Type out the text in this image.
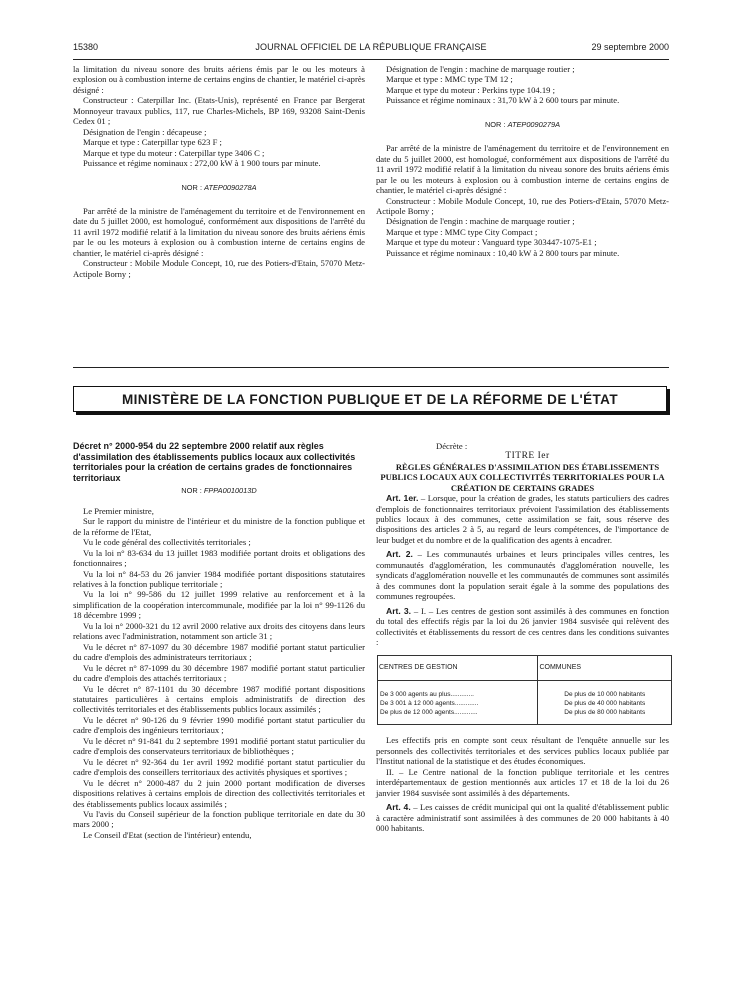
15380	JOURNAL OFFICIEL DE LA RÉPUBLIQUE FRANÇAISE	29 septembre 2000

la limitation du niveau sonore des bruits aériens émis par le ou les moteurs à explosion ou à combustion interne de certains engins de chantier, le matériel ci-après désigné :

Constructeur : Caterpillar Inc. (Etats-Unis), représenté en France par Bergerat Monnoyeur travaux publics, 117, rue Charles-Michels, BP 169, 93208 Saint-Denis Cedex 01 ;

Désignation de l'engin : décapeuse ;

Marque et type : Caterpillar type 623 F ;

Marque et type du moteur : Caterpillar type 3406 C ;

Puissance et régime nominaux : 272,00 kW à 1 900 tours par minute.

NOR : ATEP0090278A

Par arrêté de la ministre de l'aménagement du territoire et de l'environnement en date du 5 juillet 2000, est homologué, conformément aux dispositions de l'arrêté du 11 avril 1972 modifié relatif à la limitation du niveau sonore des bruits aériens émis par le ou les moteurs à explosion ou à combustion interne de certains engins de chantier, le matériel ci-après désigné :

Constructeur : Mobile Module Concept, 10, rue des Potiers-d'Etain, 57070 Metz-Actipole Borny ;

Désignation de l'engin : machine de marquage routier ;

Marque et type : MMC type TM 12 ;

Marque et type du moteur : Perkins type 104.19 ;

Puissance et régime nominaux : 31,70 kW à 2 600 tours par minute.

NOR : ATEP0090279A

Par arrêté de la ministre de l'aménagement du territoire et de l'environnement en date du 5 juillet 2000, est homologué, conformément aux dispositions de l'arrêté du 11 avril 1972 modifié relatif à la limitation du niveau sonore des bruits aériens émis par le ou les moteurs à explosion ou à combustion interne de certains engins de chantier, le matériel ci-après désigné :

Constructeur : Mobile Module Concept, 10, rue des Potiers-d'Etain, 57070 Metz-Actipole Borny ;

Désignation de l'engin : machine de marquage routier ;

Marque et type : MMC type City Compact ;

Marque et type du moteur : Vanguard type 303447-1075-E1 ;

Puissance et régime nominaux : 10,40 kW à 2 800 tours par minute.

MINISTÈRE DE LA FONCTION PUBLIQUE ET DE LA RÉFORME DE L'ÉTAT

Décret n° 2000-954 du 22 septembre 2000 relatif aux règles d'assimilation des établissements publics locaux aux collectivités territoriales pour la création de certains grades de fonctionnaires territoriaux

NOR : FPPA0010013D

Le Premier ministre,

Sur le rapport du ministre de l'intérieur et du ministre de la fonction publique et de la réforme de l'Etat,

Vu le code général des collectivités territoriales ;

Vu la loi n° 83-634 du 13 juillet 1983 modifiée portant droits et obligations des fonctionnaires ;

Vu la loi n° 84-53 du 26 janvier 1984 modifiée portant dispositions statutaires relatives à la fonction publique territoriale ;

Vu la loi n° 99-586 du 12 juillet 1999 relative au renforcement et à la simplification de la coopération intercommunale, modifiée par la loi n° 99-1126 du 18 décembre 1999 ;

Vu la loi n° 2000-321 du 12 avril 2000 relative aux droits des citoyens dans leurs relations avec l'administration, notamment son article 31 ;

Vu le décret n° 87-1097 du 30 décembre 1987 modifié portant statut particulier du cadre d'emplois des administrateurs territoriaux ;

Vu le décret n° 87-1099 du 30 décembre 1987 modifié portant statut particulier du cadre d'emplois des attachés territoriaux ;

Vu le décret n° 87-1101 du 30 décembre 1987 modifié portant dispositions statutaires particulières à certains emplois administratifs de direction des collectivités territoriales et des établissements publics locaux assimilés ;

Vu le décret n° 90-126 du 9 février 1990 modifié portant statut particulier du cadre d'emplois des ingénieurs territoriaux ;

Vu le décret n° 91-841 du 2 septembre 1991 modifié portant statut particulier du cadre d'emplois des conservateurs territoriaux de bibliothèques ;

Vu le décret n° 92-364 du 1er avril 1992 modifié portant statut particulier du cadre d'emplois des conseillers territoriaux des activités physiques et sportives ;

Vu le décret n° 2000-487 du 2 juin 2000 portant modification de diverses dispositions relatives à certains emplois de direction des collectivités territoriales et des établissements publics locaux assimilés ;

Vu l'avis du Conseil supérieur de la fonction publique territoriale en date du 30 mars 2000 ;

Le Conseil d'Etat (section de l'intérieur) entendu,

Décrète :

TITRE Ier

RÈGLES GÉNÉRALES D'ASSIMILATION DES ÉTABLISSEMENTS PUBLICS LOCAUX AUX COLLECTIVITÉS TERRITORIALES POUR LA CRÉATION DE CERTAINS GRADES

Art. 1er. – Lorsque, pour la création de grades, les statuts particuliers des cadres d'emplois de fonctionnaires territoriaux prévoient l'assimilation des établissements publics locaux à des communes, cette assimilation se fait, sous réserve des dispositions des articles 2 à 5, au regard de leurs compétences, de l'importance de leur budget et du nombre et de la qualification des agents à encadrer.

Art. 2. – Les communautés urbaines et leurs principales villes centres, les communautés d'agglomération, les communautés d'agglomération nouvelle, les syndicats d'agglomération nouvelle et les communautés de communes sont assimilés à des communes dont la population serait égale à la somme des populations des communes regroupées.

Art. 3. – I. – Les centres de gestion sont assimilés à des communes en fonction du total des effectifs régis par la loi du 26 janvier 1984 susvisée qui relèvent des collectivités et établissements du ressort de ces centres dans les conditions suivantes :

CENTRES DE GESTION	COMMUNES
De 3 000 agents au plus.............	De plus de 10 000 habitants
De 3 001 à 12 000 agents.............	De plus de 40 000 habitants
De plus de 12 000 agents.............	De plus de 80 000 habitants

Les effectifs pris en compte sont ceux résultant de l'enquête annuelle sur les personnels des collectivités territoriales et des services publics locaux publiée par l'Institut national de la statistique et des études économiques.

II. – Le Centre national de la fonction publique territoriale et les centres interdépartementaux de gestion mentionnés aux articles 17 et 18 de la loi du 26 janvier 1984 susvisée sont assimilés à des départements.

Art. 4. – Les caisses de crédit municipal qui ont la qualité d'établissement public à caractère administratif sont assimilées à des communes de 20 000 habitants à 40 000 habitants.
